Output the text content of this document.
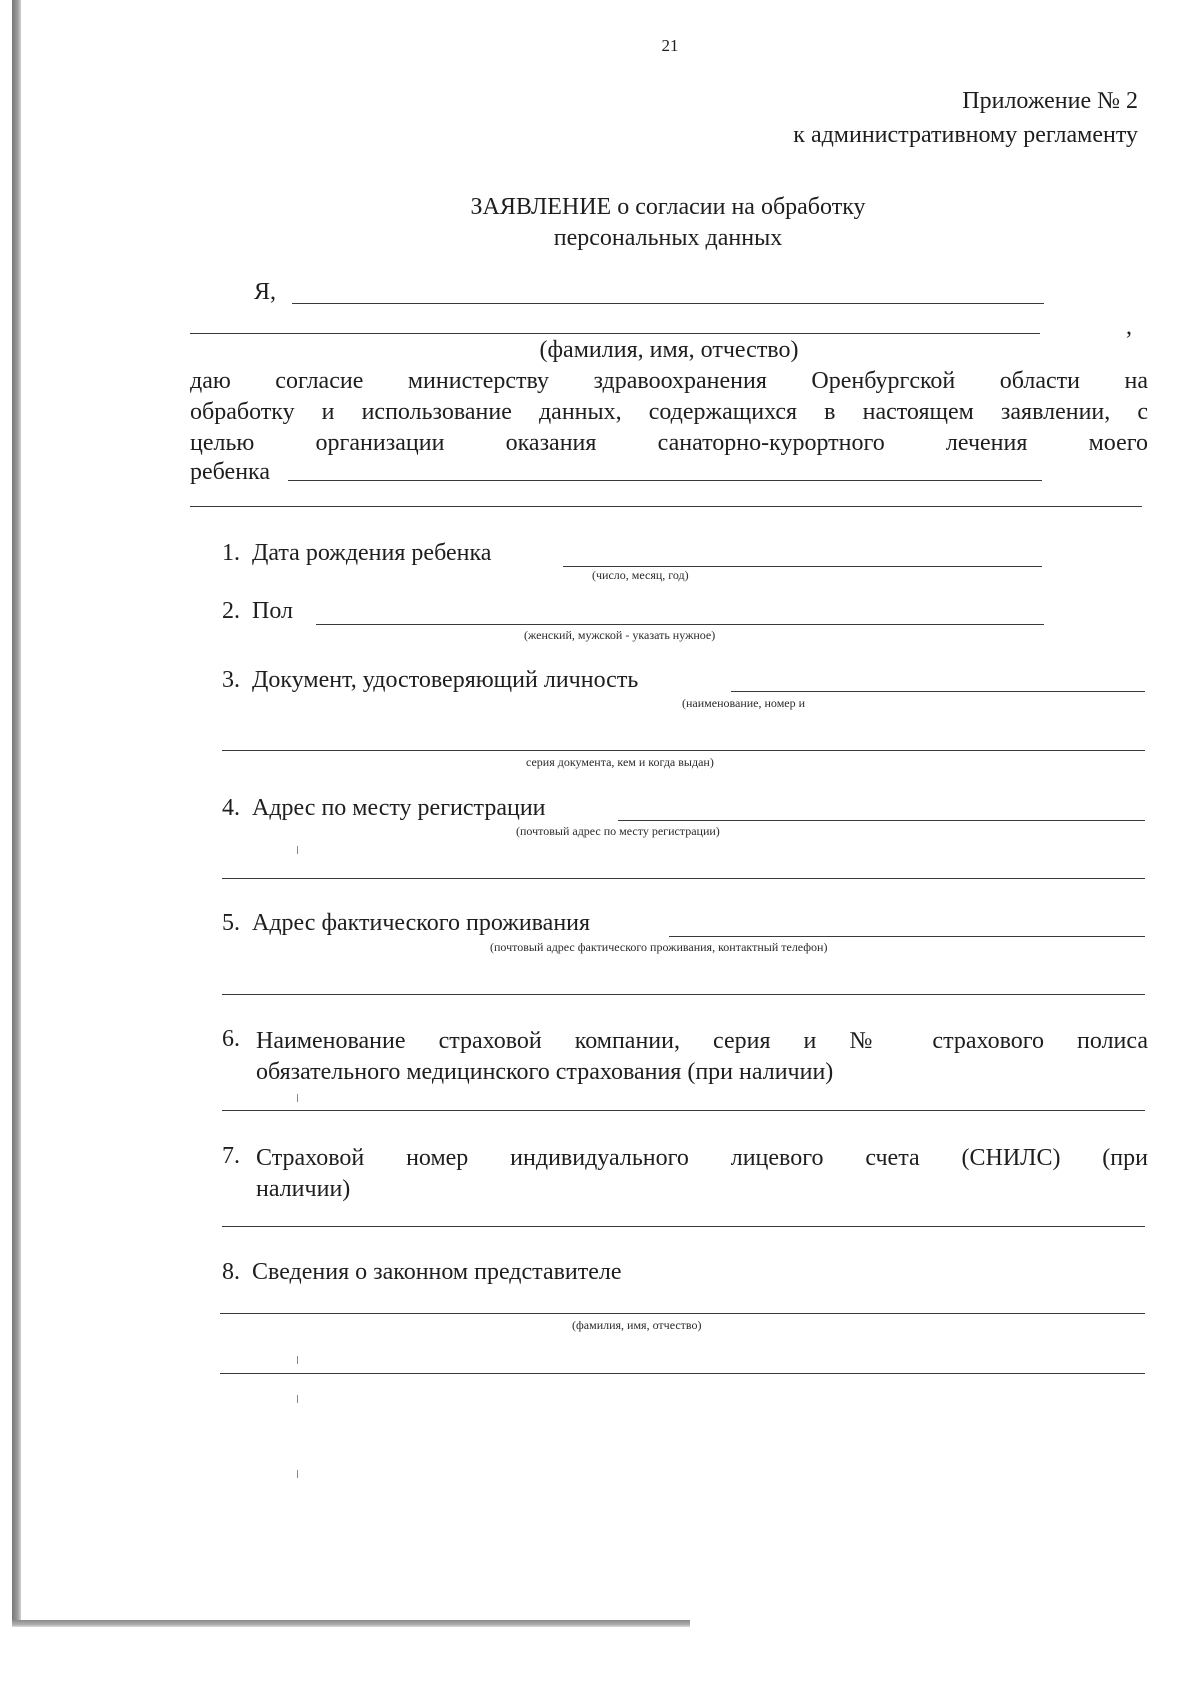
21
Приложение № 2
к административному регламенту
ЗАЯВЛЕНИЕ о согласии на обработку
персональных данных
Я,
,
(фамилия, имя, отчество)
даю согласие министерству здравоохранения Оренбургской области на
обработку и использование данных, содержащихся в настоящем заявлении, с
целью организации оказания санаторно-курортного лечения моего
ребенка
1. Дата рождения ребенка
(число, месяц, год)
2. Пол
(женский, мужской - указать нужное)
3. Документ, удостоверяющий личность
(наименование, номер и
серия документа, кем и когда выдан)
4. Адрес по месту регистрации
(почтовый адрес по месту регистрации)
5. Адрес фактического проживания
(почтовый адрес фактического проживания, контактный телефон)
6. Наименование страховой компании, серия и № страхового полиса
обязательного медицинского страхования (при наличии)
7. Страховой номер индивидуального лицевого счета (СНИЛС) (при
наличии)
8. Сведения о законном представителе
(фамилия, имя, отчество)
